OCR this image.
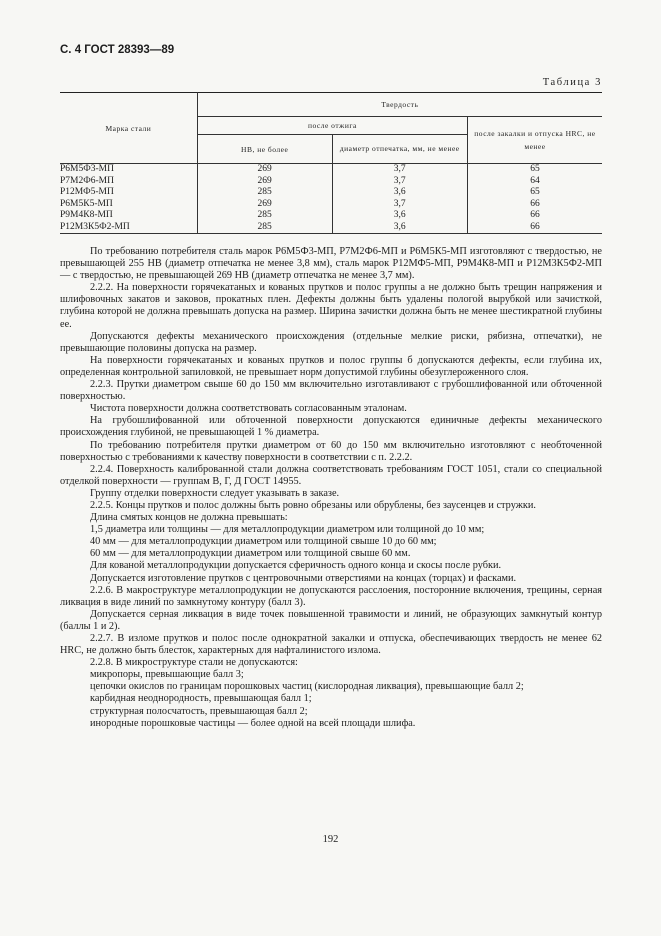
С. 4 ГОСТ 28393—89
Таблица 3
Марка стали	Твердость		
	после отжига		после закалки и отпуска НRC, не менее
	НВ, не более	диаметр отпечатка, мм, не менее	
Р6М5Ф3-МП	269	3,7	65
Р7М2Ф6-МП	269	3,7	64
Р12МФ5-МП	285	3,6	65
Р6М5К5-МП	269	3,7	66
Р9М4К8-МП	285	3,6	66
Р12М3К5Ф2-МП	285	3,6	66

По требованию потребителя сталь марок Р6М5Ф3-МП, Р7М2Ф6-МП и Р6М5К5-МП изготовляют с твердостью, не превышающей 255 НВ (диаметр отпечатка не менее 3,8 мм), сталь марок Р12МФ5-МП, Р9М4К8-МП и Р12М3К5Ф2-МП — с твердостью, не превышающей 269 НВ (диаметр отпечатка не менее 3,7 мм).

2.2.2. На поверхности горячекатаных и кованых прутков и полос группы а не должно быть трещин напряжения и шлифовочных закатов и заковов, прокатных плен. Дефекты должны быть удалены пологой вырубкой или зачисткой, глубина которой не должна превышать допуска на размер. Ширина зачистки должна быть не менее шестикратной глубины ее.

Допускаются дефекты механического происхождения (отдельные мелкие риски, рябизна, отпечатки), не превышающие половины допуска на размер.

На поверхности горячекатаных и кованых прутков и полос группы б допускаются дефекты, если глубина их, определенная контрольной запиловкой, не превышает норм допустимой глубины обезуглероженного слоя.

2.2.3. Прутки диаметром свыше 60 до 150 мм включительно изготавливают с грубошлифованной или обточенной поверхностью.

Чистота поверхности должна соответствовать согласованным эталонам.

На грубошлифованной или обточенной поверхности допускаются единичные дефекты механического происхождения глубиной, не превышающей 1 % диаметра.

По требованию потребителя прутки диаметром от 60 до 150 мм включительно изготовляют с необточенной поверхностью с требованиями к качеству поверхности в соответствии с п. 2.2.2.

2.2.4. Поверхность калиброванной стали должна соответствовать требованиям ГОСТ 1051, стали со специальной отделкой поверхности — группам В, Г, Д ГОСТ 14955.

Группу отделки поверхности следует указывать в заказе.

2.2.5. Концы прутков и полос должны быть ровно обрезаны или обрублены, без заусенцев и стружки.

Длина смятых концов не должна превышать:

1,5 диаметра или толщины — для металлопродукции диаметром или толщиной до 10 мм;

40 мм — для металлопродукции диаметром или толщиной свыше 10 до 60 мм;

60 мм — для металлопродукции диаметром или толщиной свыше 60 мм.

Для кованой металлопродукции допускается сферичность одного конца и скосы после рубки.

Допускается изготовление прутков с центровочными отверстиями на концах (торцах) и фасками.

2.2.6. В макроструктуре металлопродукции не допускаются расслоения, посторонние включения, трещины, серная ликвация в виде линий по замкнутому контуру (балл 3).

Допускается серная ликвация в виде точек повышенной травимости и линий, не образующих замкнутый контур (баллы 1 и 2).

2.2.7. В изломе прутков и полос после однократной закалки и отпуска, обеспечивающих твердость не менее 62 НRC, не должно быть блесток, характерных для нафталинистого излома.

2.2.8. В микроструктуре стали не допускаются:

микропоры, превышающие балл 3;

цепочки окислов по границам порошковых частиц (кислородная ликвация), превышающие балл 2;

карбидная неоднородность, превышающая балл 1;

структурная полосчатость, превышающая балл 2;

инородные порошковые частицы — более одной на всей площади шлифа.

192
